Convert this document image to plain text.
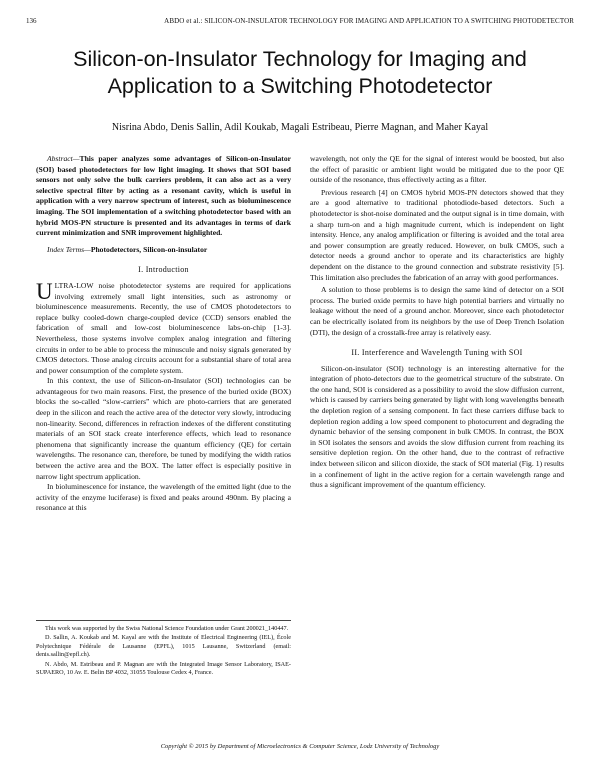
136	ABDO et al.: SILICON-ON-INSULATOR TECHNOLOGY FOR IMAGING AND APPLICATION TO A SWITCHING PHOTODETECTOR
Silicon-on-Insulator Technology for Imaging and Application to a Switching Photodetector
Nisrina Abdo, Denis Sallin, Adil Koukab, Magali Estribeau, Pierre Magnan, and Maher Kayal

Abstract—This paper analyzes some advantages of Silicon-on-Insulator (SOI) based photodetectors for low light imaging. It shows that SOI based sensors not only solve the bulk carriers problem, it can also act as a very selective spectral filter by acting as a resonant cavity, which is useful in application with a very narrow spectrum of interest, such as bioluminescence imaging. The SOI implementation of a switching photodetector based with an hybrid MOS-PN structure is presented and its advantages in terms of dark current minimization and SNR improvement highlighted.

Index Terms—Photodetectors, Silicon-on-insulator

I. Introduction

ULTRA-LOW noise photodetector systems are required for applications involving extremely small light intensities, such as astronomy or bioluminescence measurements. Recently, the use of CMOS photodetectors to replace bulky cooled-down charge-coupled device (CCD) sensors enabled the fabrication of small and low-cost bioluminescence labs-on-chip [1-3]. Nevertheless, those systems involve complex analog integration and filtering circuits in order to be able to process the minuscule and noisy signals generated by CMOS detectors. Those analog circuits account for a substantial share of total area and power consumption of the complete system.

In this context, the use of Silicon-on-Insulator (SOI) technologies can be advantageous for two main reasons. First, the presence of the buried oxide (BOX) blocks the so-called “slow-carriers” which are photo-carriers that are generated deep in the silicon and reach the active area of the detector very slowly, introducing non-linearity. Second, differences in refraction indexes of the different constituting materials of an SOI stack create interference effects, which lead to resonance phenomena that significantly increase the quantum efficiency (QE) for certain wavelengths. The resonance can, therefore, be tuned by modifying the width ratios between the active area and the BOX. The latter effect is especially positive in narrow light spectrum application.

In bioluminescence for instance, the wavelength of the emitted light (due to the activity of the enzyme luciferase) is fixed and peaks around 490nm. By placing a resonance at this

This work was supported by the Swiss National Science Foundation under Grant 200021_140447.

D. Sallin, A. Koukab and M. Kayal are with the Institute of Electrical Engineering (IEL), École Polytechnique Fédérale de Lausanne (EPFL), 1015 Lausanne, Switzerland (email: denis.sallin@epfl.ch).

N. Abdo, M. Estribeau and P. Magnan are with the Integrated Image Sensor Laboratory, ISAE-SUPAERO, 10 Av. E. Belin BP 4032, 31055 Toulouse Cedex 4, France.

wavelength, not only the QE for the signal of interest would be boosted, but also the effect of parasitic or ambient light would be mitigated due to the poor QE outside of the resonance, thus effectively acting as a filter.

Previous research [4] on CMOS hybrid MOS-PN detectors showed that they are a good alternative to traditional photodiode-based detectors. Such a photodetector is shot-noise dominated and the output signal is in time domain, with a sharp turn-on and a high magnitude current, which is independent on light intensity. Hence, any analog amplification or filtering is avoided and the total area and power consumption are greatly reduced. However, on bulk CMOS, such a detector needs a ground anchor to operate and its characteristics are highly dependent on the distance to the ground connection and substrate resistivity [5]. This limitation also precludes the fabrication of an array with good performances.

A solution to those problems is to design the same kind of detector on a SOI process. The buried oxide permits to have high potential barriers and virtually no leakage without the need of a ground anchor. Moreover, since each photodetector can be electrically isolated from its neighbors by the use of Deep Trench Isolation (DTI), the design of a crosstalk-free array is relatively easy.

II. Interference and Wavelength Tuning with SOI

Silicon-on-insulator (SOI) technology is an interesting alternative for the integration of photo-detectors due to the geometrical structure of the substrate. On the one hand, SOI is considered as a possibility to avoid the slow diffusion current, which is caused by carriers being generated by light with long wavelengths beneath the depletion region of a sensing component. In fact these carriers diffuse back to depletion region adding a low speed component to photocurrent and degrading the dynamic behavior of the sensing component in bulk CMOS. In contrast, the BOX in SOI isolates the sensors and avoids the slow diffusion current from reaching its sensitive depletion region. On the other hand, due to the contrast of refractive index between silicon and silicon dioxide, the stack of SOI material (Fig. 1) results in a confinement of light in the active region for a certain wavelength range and thus a significant improvement of the quantum efficiency.

Copyright © 2015 by Department of Microelectronics & Computer Science, Lodz University of Technology
